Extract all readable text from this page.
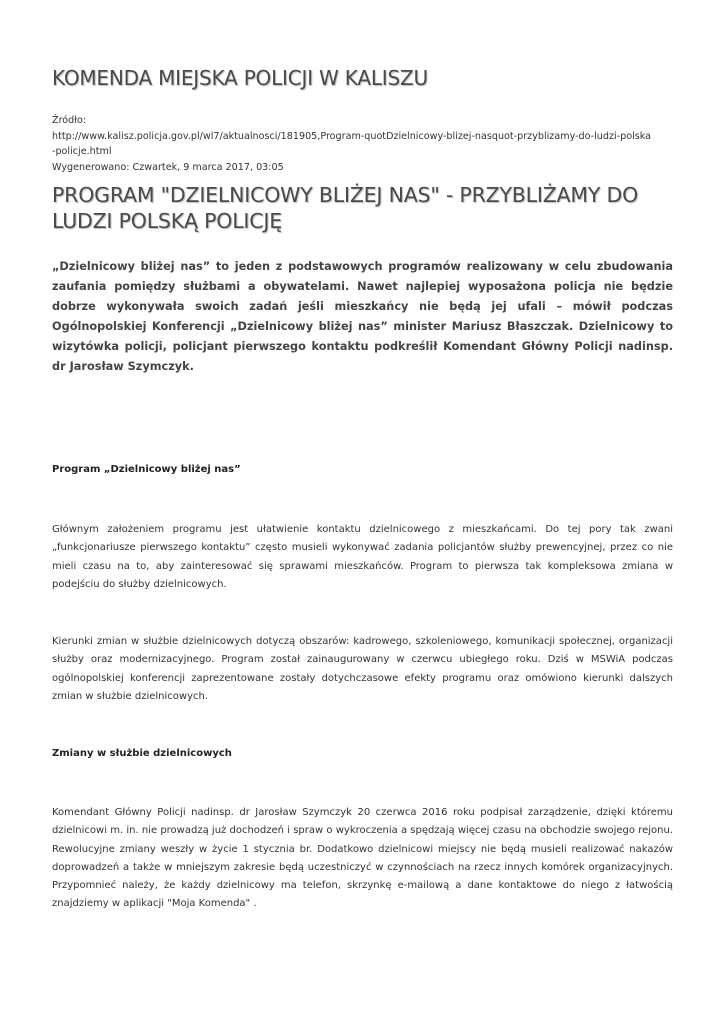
KOMENDA MIEJSKA POLICJI W KALISZU
Źródło:

http://www.kalisz.policja.gov.pl/wl7/aktualnosci/181905,Program-quotDzielnicowy-blizej-nasquot-przyblizamy-do-ludzi-polska
-policje.html
Wygenerowano: Czwartek, 9 marca 2017, 03:05
PROGRAM "DZIELNICOWY BLIŻEJ NAS" - PRZYBLIŻAMY DO LUDZI POLSKĄ POLICJĘ

„Dzielnicowy bliżej nas” to jeden z podstawowych programów realizowany w celu zbudowania zaufania pomiędzy służbami a obywatelami. Nawet najlepiej wyposażona policja nie będzie dobrze wykonywała swoich zadań jeśli mieszkańcy nie będą jej ufali – mówił podczas Ogólnopolskiej Konferencji „Dzielnicowy bliżej nas” minister Mariusz Błaszczak. Dzielnicowy to wizytówka policji, policjant pierwszego kontaktu podkreślił Komendant Główny Policji nadinsp. dr Jarosław Szymczyk.

Program „Dzielnicowy bliżej nas”

Głównym założeniem programu jest ułatwienie kontaktu dzielnicowego z mieszkańcami. Do tej pory tak zwani „funkcjonariusze pierwszego kontaktu” często musieli wykonywać zadania policjantów służby prewencyjnej, przez co nie mieli czasu na to, aby zainteresować się sprawami mieszkańców. Program to pierwsza tak kompleksowa zmiana w podejściu do służby dzielnicowych.

Kierunki zmian w służbie dzielnicowych dotyczą obszarów: kadrowego, szkoleniowego, komunikacji społecznej, organizacji służby oraz modernizacyjnego. Program został zainaugurowany w czerwcu ubiegłego roku. Dziś w MSWiA podczas ogólnopolskiej konferencji zaprezentowane zostały dotychczasowe efekty programu oraz omówiono kierunki dalszych zmian w służbie dzielnicowych.

Zmiany w służbie dzielnicowych

Komendant Główny Policji nadinsp. dr Jarosław Szymczyk 20 czerwca 2016 roku podpisał zarządzenie, dzięki któremu dzielnicowi m. in. nie prowadzą już dochodzeń i spraw o wykroczenia a spędzają więcej czasu na obchodzie swojego rejonu. Rewolucyjne zmiany weszły w życie 1 stycznia br. Dodatkowo dzielnicowi miejscy nie będą musieli realizować nakazów doprowadzeń a także w mniejszym zakresie będą uczestniczyć w czynnościach na rzecz innych komórek organizacyjnych. Przypomnieć należy, że każdy dzielnicowy ma telefon, skrzynkę e-mailową a dane kontaktowe do niego z łatwością znajdziemy w aplikacji "Moja Komenda" .
